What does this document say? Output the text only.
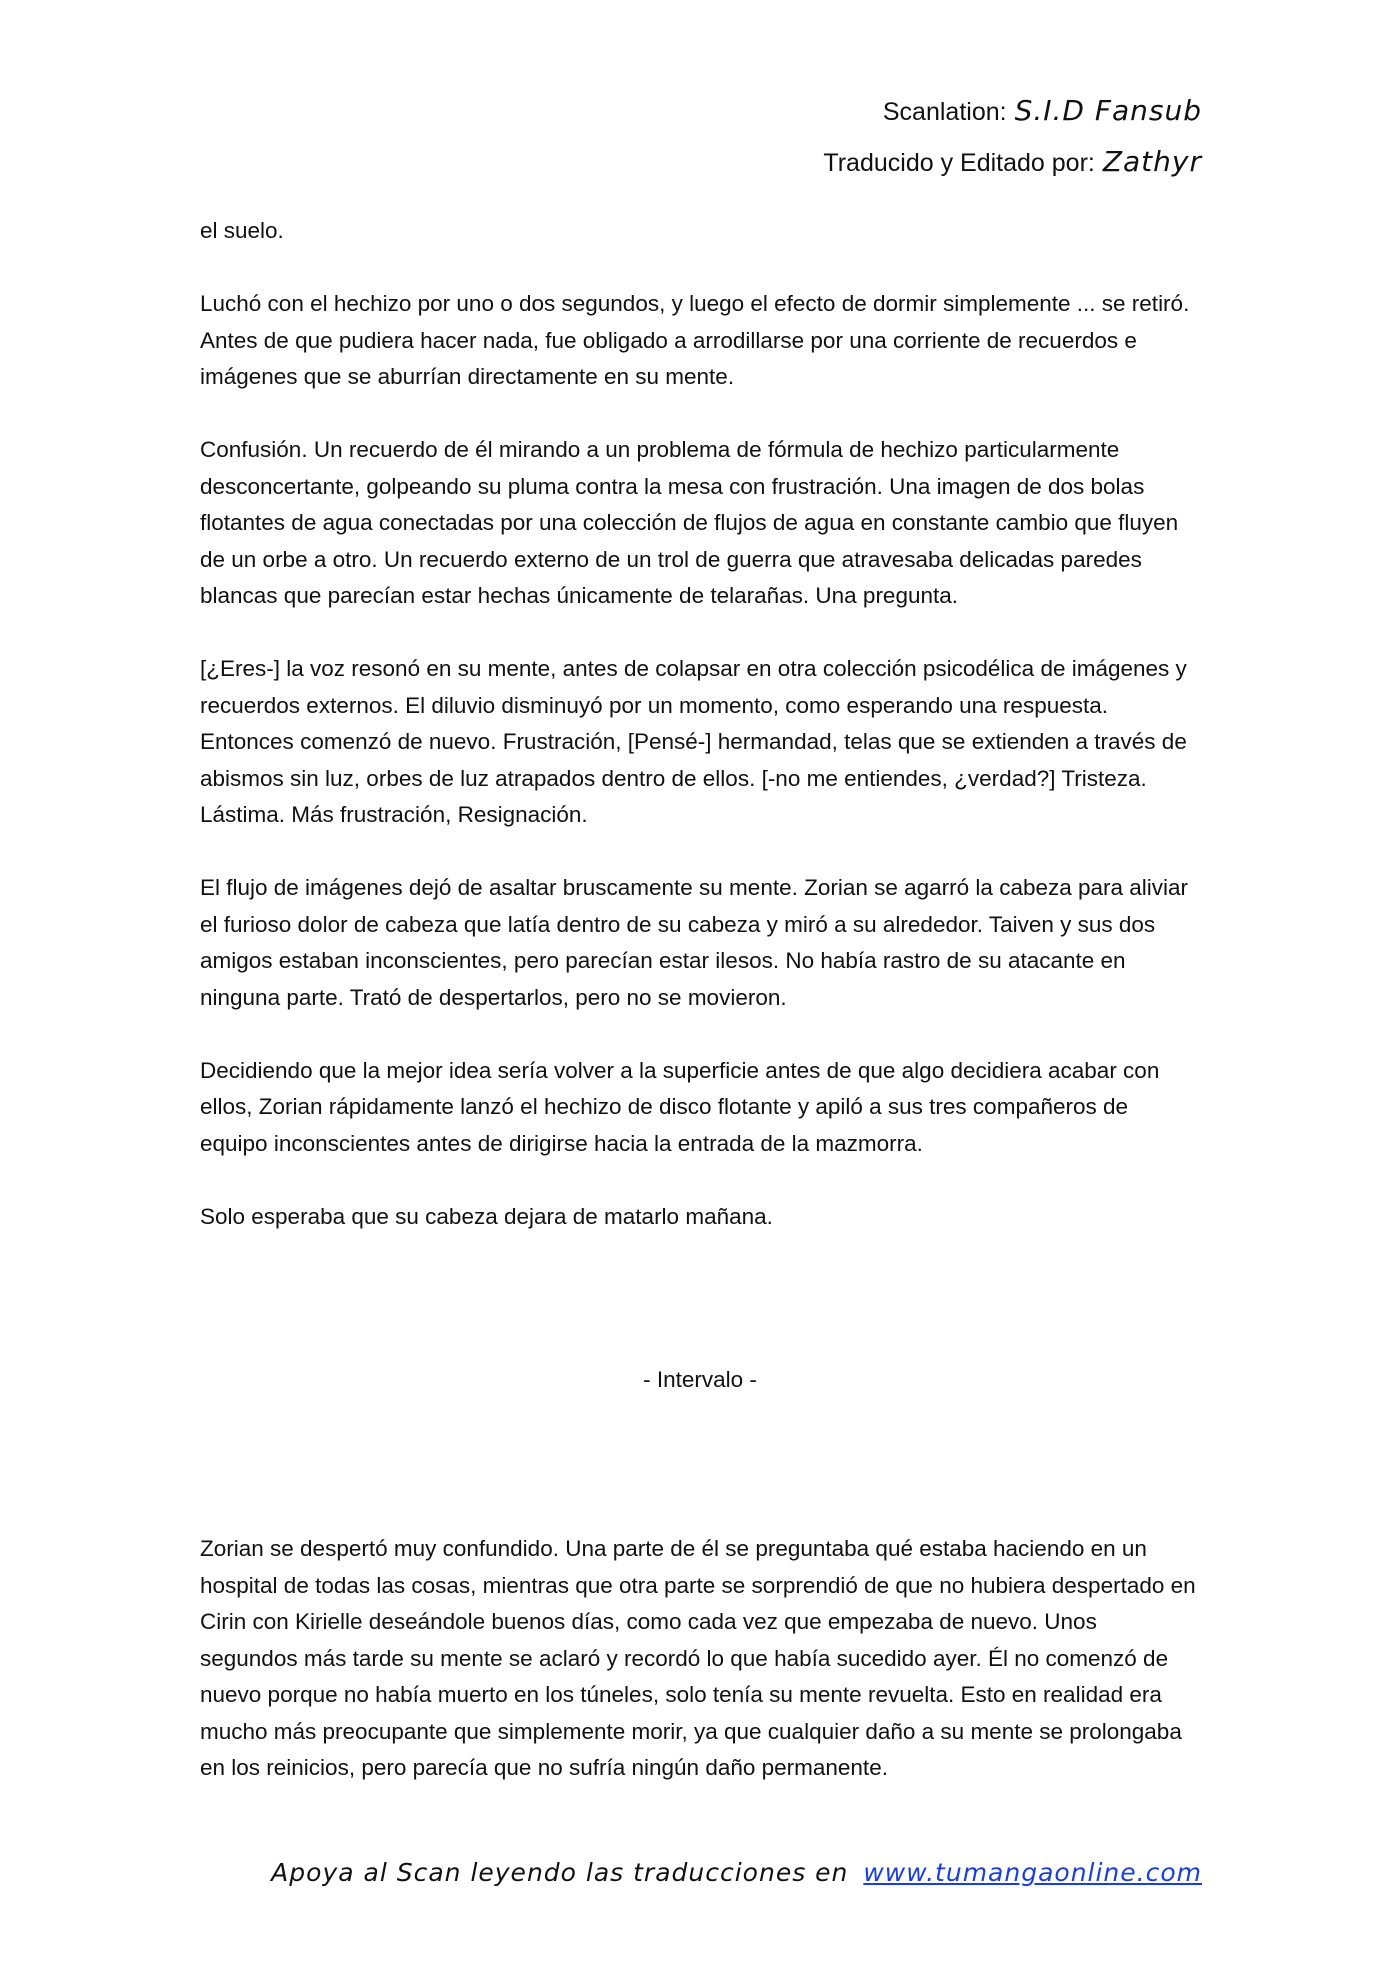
Scanlation: S.I.D Fansub
Traducido y Editado por: Zathyr

el suelo.

Luchó con el hechizo por uno o dos segundos, y luego el efecto de dormir simplemente ... se retiró. Antes de que pudiera hacer nada, fue obligado a arrodillarse por una corriente de recuerdos e imágenes que se aburrían directamente en su mente.

Confusión. Un recuerdo de él mirando a un problema de fórmula de hechizo particularmente desconcertante, golpeando su pluma contra la mesa con frustración. Una imagen de dos bolas flotantes de agua conectadas por una colección de flujos de agua en constante cambio que fluyen de un orbe a otro. Un recuerdo externo de un trol de guerra que atravesaba delicadas paredes blancas que parecían estar hechas únicamente de telarañas. Una pregunta.

[¿Eres-] la voz resonó en su mente, antes de colapsar en otra colección psicodélica de imágenes y recuerdos externos. El diluvio disminuyó por un momento, como esperando una respuesta. Entonces comenzó de nuevo. Frustración, [Pensé-] hermandad, telas que se extienden a través de abismos sin luz, orbes de luz atrapados dentro de ellos. [-no me entiendes, ¿verdad?] Tristeza. Lástima. Más frustración, Resignación.

El flujo de imágenes dejó de asaltar bruscamente su mente. Zorian se agarró la cabeza para aliviar el furioso dolor de cabeza que latía dentro de su cabeza y miró a su alrededor. Taiven y sus dos amigos estaban inconscientes, pero parecían estar ilesos. No había rastro de su atacante en ninguna parte. Trató de despertarlos, pero no se movieron.

Decidiendo que la mejor idea sería volver a la superficie antes de que algo decidiera acabar con ellos, Zorian rápidamente lanzó el hechizo de disco flotante y apiló a sus tres compañeros de equipo inconscientes antes de dirigirse hacia la entrada de la mazmorra.

Solo esperaba que su cabeza dejara de matarlo mañana.

- Intervalo -

Zorian se despertó muy confundido. Una parte de él se preguntaba qué estaba haciendo en un hospital de todas las cosas, mientras que otra parte se sorprendió de que no hubiera despertado en Cirin con Kirielle deseándole buenos días, como cada vez que empezaba de nuevo. Unos segundos más tarde su mente se aclaró y recordó lo que había sucedido ayer. Él no comenzó de nuevo porque no había muerto en los túneles, solo tenía su mente revuelta. Esto en realidad era mucho más preocupante que simplemente morir, ya que cualquier daño a su mente se prolongaba en los reinicios, pero parecía que no sufría ningún daño permanente.

Apoya al Scan leyendo las traducciones en www.tumangaonline.com
